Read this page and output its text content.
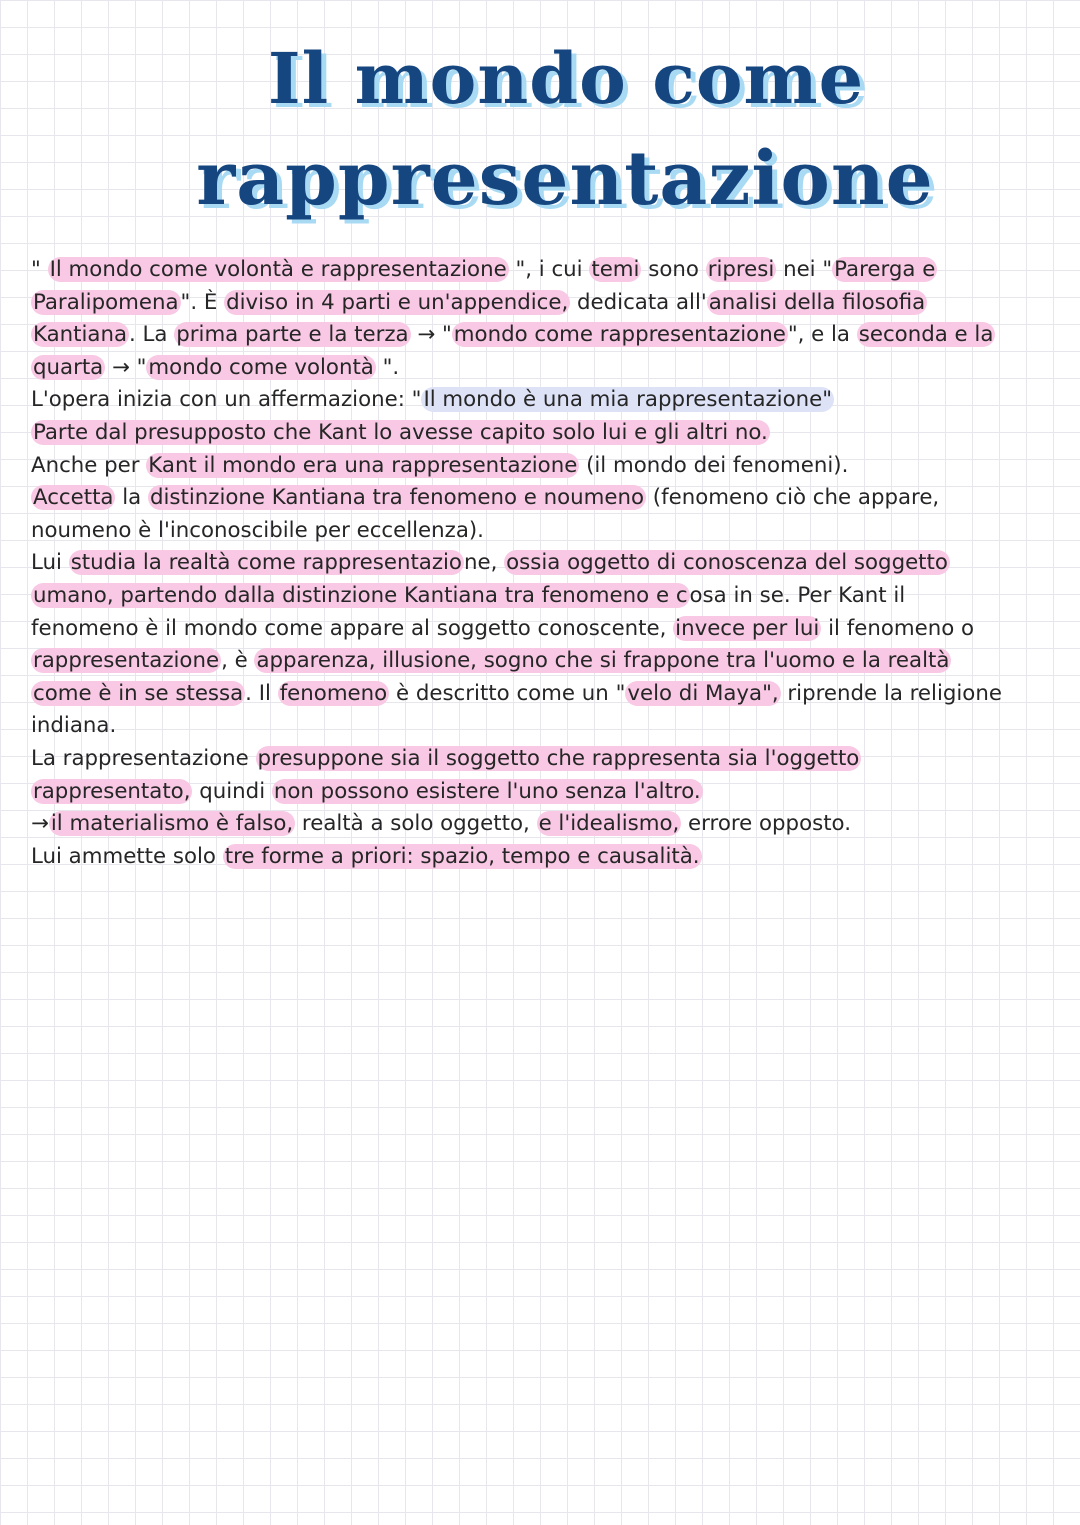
Il mondo come
rappresentazione
" Il mondo come volontà e rappresentazione ", i cui temi sono ripresi nei "Parerga e
Paralipomena". È diviso in 4 parti e un'appendice, dedicata all'analisi della filosofia
Kantiana. La prima parte e la terza → "mondo come rappresentazione", e la seconda e la
quarta → "mondo come volontà ".
L'opera inizia con un affermazione: "Il mondo è una mia rappresentazione"
Parte dal presupposto che Kant lo avesse capito solo lui e gli altri no.
Anche per Kant il mondo era una rappresentazione (il mondo dei fenomeni).
Accetta la distinzione Kantiana tra fenomeno e noumeno (fenomeno ciò che appare,
noumeno è l'inconoscibile per eccellenza).
Lui studia la realtà come rappresentazione, ossia oggetto di conoscenza del soggetto
umano, partendo dalla distinzione Kantiana tra fenomeno e cosa in se. Per Kant il
fenomeno è il mondo come appare al soggetto conoscente, invece per lui il fenomeno o
rappresentazione, è apparenza, illusione, sogno che si frappone tra l'uomo e la realtà
come è in se stessa. Il fenomeno è descritto come un "velo di Maya", riprende la religione
indiana.
La rappresentazione presuppone sia il soggetto che rappresenta sia l'oggetto
rappresentato, quindi non possono esistere l'uno senza l'altro.
→il materialismo è falso, realtà a solo oggetto, e l'idealismo, errore opposto.
Lui ammette solo tre forme a priori: spazio, tempo e causalità.
